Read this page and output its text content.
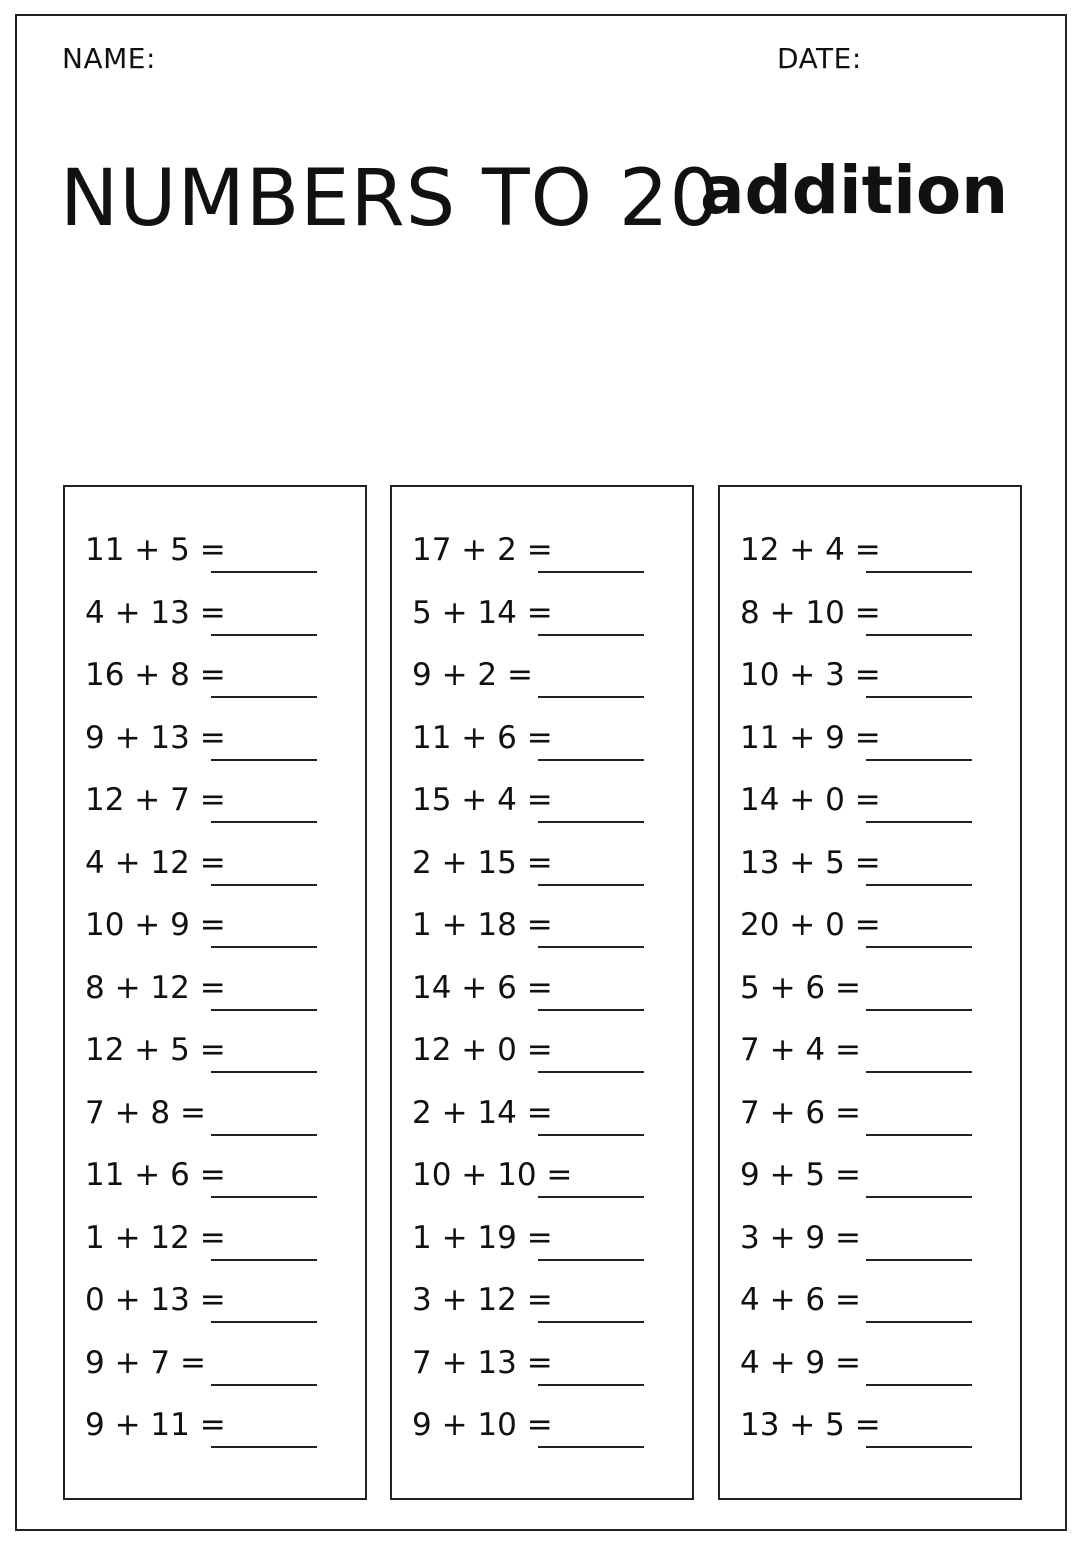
NAME:	DATE:
NUMBERS TO 20
addition
11 + 5 =
4 + 13 =
16 + 8 =
9 + 13 =
12 + 7 =
4 + 12 =
10 + 9 =
8 + 12 =
12 + 5 =
7 + 8 =
11 + 6 =
1 + 12 =
0 + 13 =
9 + 7 =
9 + 11 =
17 + 2 =
5 + 14 =
9 + 2 =
11 + 6 =
15 + 4 =
2 + 15 =
1 + 18 =
14 + 6 =
12 + 0 =
2 + 14 =
10 + 10 =
1 + 19 =
3 + 12 =
7 + 13 =
9 + 10 =
12 + 4 =
8 + 10 =
10 + 3 =
11 + 9 =
14 + 0 =
13 + 5 =
20 + 0 =
5 + 6 =
7 + 4 =
7 + 6 =
9 + 5 =
3 + 9 =
4 + 6 =
4 + 9 =
13 + 5 =
